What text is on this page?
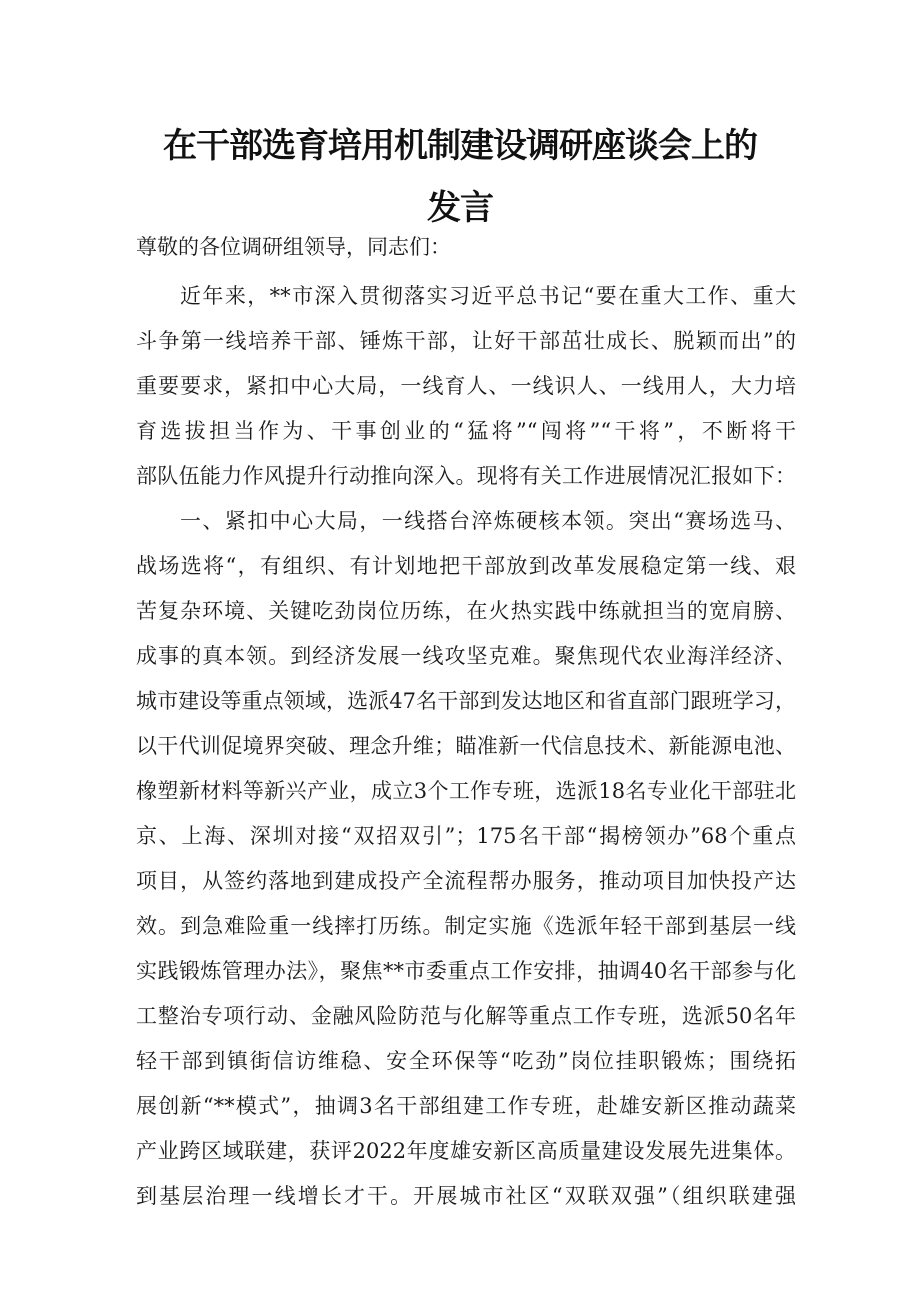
在干部选育培用机制建设调研座谈会上的
发言

尊敬的各位调研组领导，同志们：

近年来，**市深入贯彻落实习近平总书记“要在重大工作、重大

斗争第一线培养干部、锤炼干部，让好干部茁壮成长、脱颖而出”的

重要要求，紧扣中心大局，一线育人、一线识人、一线用人，大力培

育选拔担当作为、干事创业的“猛将”“闯将”“干将”，不断将干

部队伍能力作风提升行动推向深入。现将有关工作进展情况汇报如下：

一、紧扣中心大局，一线搭台淬炼硬核本领。突出“赛场选马、

战场选将“，有组织、有计划地把干部放到改革发展稳定第一线、艰

苦复杂环境、关键吃劲岗位历练，在火热实践中练就担当的宽肩膀、

成事的真本领。到经济发展一线攻坚克难。聚焦现代农业海洋经济、

城市建设等重点领域，选派47名干部到发达地区和省直部门跟班学习，

以干代训促境界突破、理念升维；瞄准新一代信息技术、新能源电池、

橡塑新材料等新兴产业，成立3个工作专班，选派18名专业化干部驻北

京、上海、深圳对接“双招双引”；175名干部“揭榜领办”68个重点

项目，从签约落地到建成投产全流程帮办服务，推动项目加快投产达

效。到急难险重一线摔打历练。制定实施《选派年轻干部到基层一线

实践锻炼管理办法》，聚焦**市委重点工作安排，抽调40名干部参与化

工整治专项行动、金融风险防范与化解等重点工作专班，选派50名年

轻干部到镇街信访维稳、安全环保等“吃劲”岗位挂职锻炼；围绕拓

展创新“**模式”，抽调3名干部组建工作专班，赴雄安新区推动蔬菜

产业跨区域联建，获评2022年度雄安新区高质量建设发展先进集体。

到基层治理一线增长才干。开展城市社区“双联双强”（组织联建强
